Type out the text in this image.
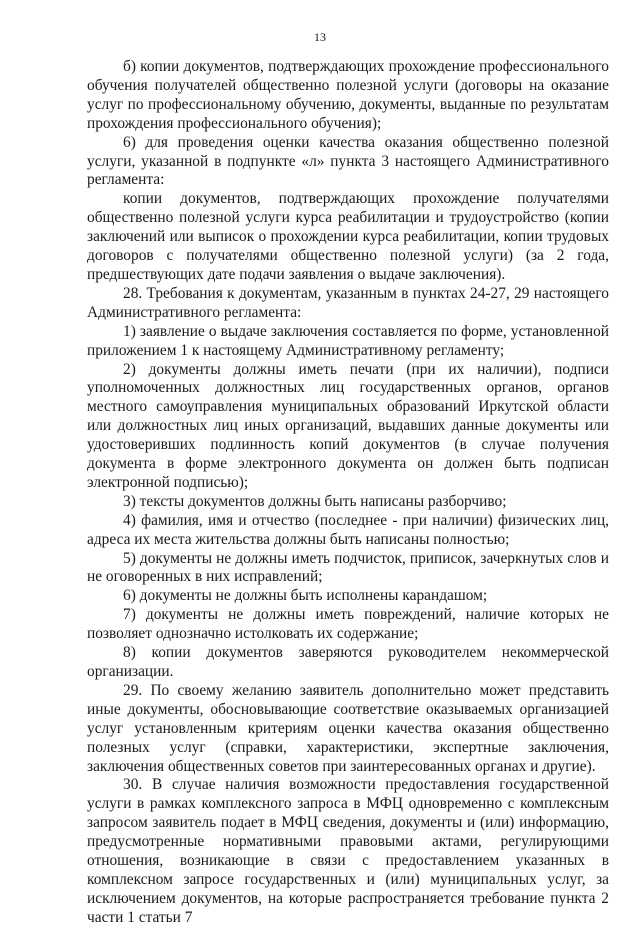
13

б) копии документов, подтверждающих прохождение профессионального обучения получателей общественно полезной услуги (договоры на оказание услуг по профессиональному обучению, документы, выданные по результатам прохождения профессионального обучения);

6) для проведения оценки качества оказания общественно полезной услуги, указанной в подпункте «л» пункта 3 настоящего Административного регламента:

копии документов, подтверждающих прохождение получателями общественно полезной услуги курса реабилитации и трудоустройство (копии заключений или выписок о прохождении курса реабилитации, копии трудовых договоров с получателями общественно полезной услуги) (за 2 года, предшествующих дате подачи заявления о выдаче заключения).

28. Требования к документам, указанным в пунктах 24-27, 29 настоящего Административного регламента:

1) заявление о выдаче заключения составляется по форме, установленной приложением 1 к настоящему Административному регламенту;

2) документы должны иметь печати (при их наличии), подписи уполномоченных должностных лиц государственных органов, органов местного самоуправления муниципальных образований Иркутской области или должностных лиц иных организаций, выдавших данные документы или удостоверивших подлинность копий документов (в случае получения документа в форме электронного документа он должен быть подписан электронной подписью);

3) тексты документов должны быть написаны разборчиво;

4) фамилия, имя и отчество (последнее - при наличии) физических лиц, адреса их места жительства должны быть написаны полностью;

5) документы не должны иметь подчисток, приписок, зачеркнутых слов и не оговоренных в них исправлений;

6) документы не должны быть исполнены карандашом;

7) документы не должны иметь повреждений, наличие которых не позволяет однозначно истолковать их содержание;

8) копии документов заверяются руководителем некоммерческой организации.

29. По своему желанию заявитель дополнительно может представить иные документы, обосновывающие соответствие оказываемых организацией услуг установленным критериям оценки качества оказания общественно полезных услуг (справки, характеристики, экспертные заключения, заключения общественных советов при заинтересованных органах и другие).

30. В случае наличия возможности предоставления государственной услуги в рамках комплексного запроса в МФЦ одновременно с комплексным запросом заявитель подает в МФЦ сведения, документы и (или) информацию, предусмотренные нормативными правовыми актами, регулирующими отношения, возникающие в связи с предоставлением указанных в комплексном запросе государственных и (или) муниципальных услуг, за исключением документов, на которые распространяется требование пункта 2 части 1 статьи 7
